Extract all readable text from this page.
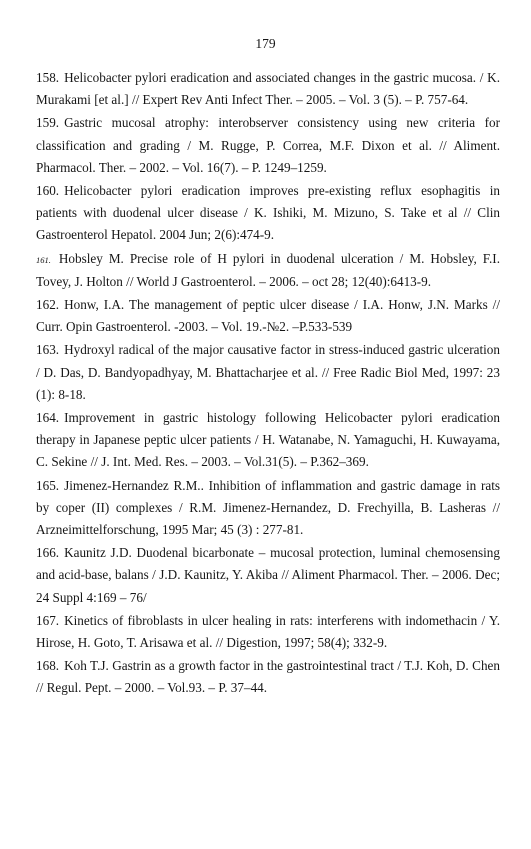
179

158. Helicobacter pylori eradication and associated changes in the gastric mucosa. / K. Murakami [et al.] // Expert Rev Anti Infect Ther. – 2005. – Vol. 3 (5). – P. 757-64.

159. Gastric mucosal atrophy: interobserver consistency using new criteria for classification and grading / M. Rugge, P. Correa, M.F. Dixon et al. // Aliment. Pharmacol. Ther. – 2002. – Vol. 16(7). – P. 1249–1259.

160. Helicobacter pylori eradication improves pre-existing reflux esophagitis in patients with duodenal ulcer disease / K. Ishiki, M. Mizuno, S. Take et al // Clin Gastroenterol Hepatol. 2004 Jun; 2(6):474-9.

161. Hobsley M. Precise role of H pylori in duodenal ulceration / M. Hobsley, F.I. Tovey, J. Holton // World J Gastroenterol. – 2006. – oct 28; 12(40):6413-9.

162. Honw, I.A. The management of peptic ulcer disease / I.A. Honw, J.N. Marks // Curr. Opin Gastroenterol. -2003. – Vol. 19.-№2. –P.533-539

163. Hydroxyl radical of the major causative factor in stress-induced gastric ulceration / D. Das, D. Bandyopadhyay, M. Bhattacharjee et al. // Free Radic Biol Med, 1997: 23 (1): 8-18.

164. Improvement in gastric histology following Helicobacter pylori eradication therapy in Japanese peptic ulcer patients / H. Watanabe, N. Yamaguchi, H. Kuwayama, C. Sekine // J. Int. Med. Res. – 2003. – Vol.31(5). – P.362–369.

165. Jimenez-Hernandez R.M.. Inhibition of inflammation and gastric damage in rats by coper (II) complexes / R.M. Jimenez-Hernandez, D. Frechyilla, B. Lasheras // Arzneimittelforschung, 1995 Mar; 45 (3) : 277-81.

166. Kaunitz J.D. Duodenal bicarbonate – mucosal protection, luminal chemosensing and acid-base, balans / J.D. Kaunitz, Y. Akiba // Aliment Pharmacol. Ther. – 2006. Dec; 24 Suppl 4:169 – 76/

167. Kinetics of fibroblasts in ulcer healing in rats: interferens with indomethacin / Y. Hirose, H. Goto, T. Arisawa et al. // Digestion, 1997; 58(4); 332-9.

168. Koh T.J. Gastrin as a growth factor in the gastrointestinal tract / T.J. Koh, D. Chen // Regul. Pept. – 2000. – Vol.93. – P. 37–44.
